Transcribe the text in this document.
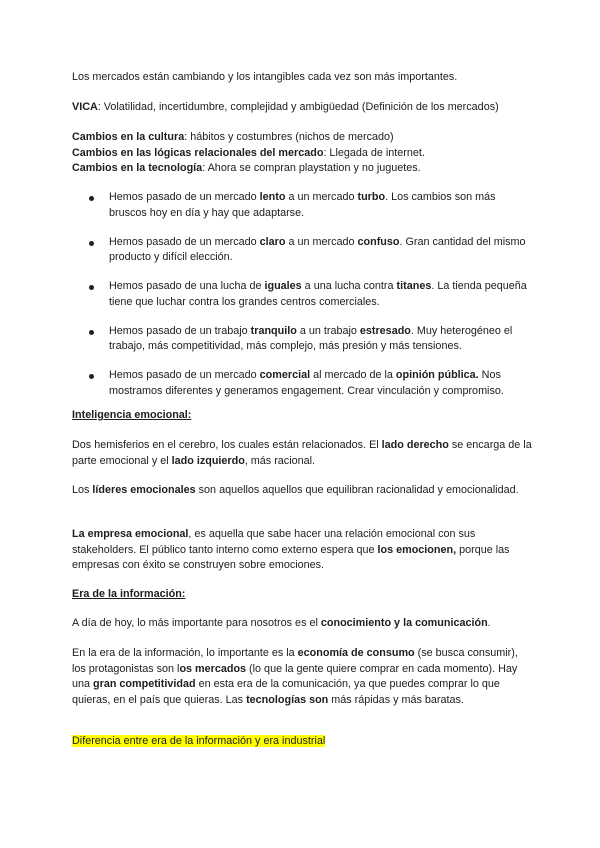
Los mercados están cambiando y los intangibles cada vez son más importantes.

VICA: Volatilidad, incertidumbre, complejidad y ambigüedad (Definición de los mercados)

Cambios en la cultura: hábitos y costumbres (nichos de mercado)
Cambios en las lógicas relacionales del mercado: Llegada de internet.
Cambios en la tecnología: Ahora se compran playstation y no juguetes.

Hemos pasado de un mercado lento a un mercado turbo. Los cambios son más bruscos hoy en día y hay que adaptarse.
Hemos pasado de un mercado claro a un mercado confuso. Gran cantidad del mismo producto y difícil elección.
Hemos pasado de una lucha de iguales a una lucha contra titanes. La tienda pequeña tiene que luchar contra los grandes centros comerciales.
Hemos pasado de un trabajo tranquilo a un trabajo estresado. Muy heterogéneo el trabajo, más competitividad, más complejo, más presión y más tensiones.
Hemos pasado de un mercado comercial al mercado de la opinión pública. Nos mostramos diferentes y generamos engagement. Crear vinculación y compromiso.

Inteligencia emocional:

Dos hemisferios en el cerebro, los cuales están relacionados. El lado derecho se encarga de la parte emocional y el lado izquierdo, más racional.

Los líderes emocionales son aquellos aquellos que equilibran racionalidad y emocionalidad.

La empresa emocional, es aquella que sabe hacer una relación emocional con sus stakeholders. El público tanto interno como externo espera que los emocionen, porque las empresas con éxito se construyen sobre emociones.

Era de la información:

A día de hoy, lo más importante para nosotros es el conocimiento y la comunicación.

En la era de la información, lo importante es la economía de consumo (se busca consumir), los protagonistas son los mercados (lo que la gente quiere comprar en cada momento). Hay una gran competitividad en esta era de la comunicación, ya que puedes comprar lo que quieras, en el país que quieras. Las tecnologías son más rápidas y más baratas.

Diferencia entre era de la información y era industrial
